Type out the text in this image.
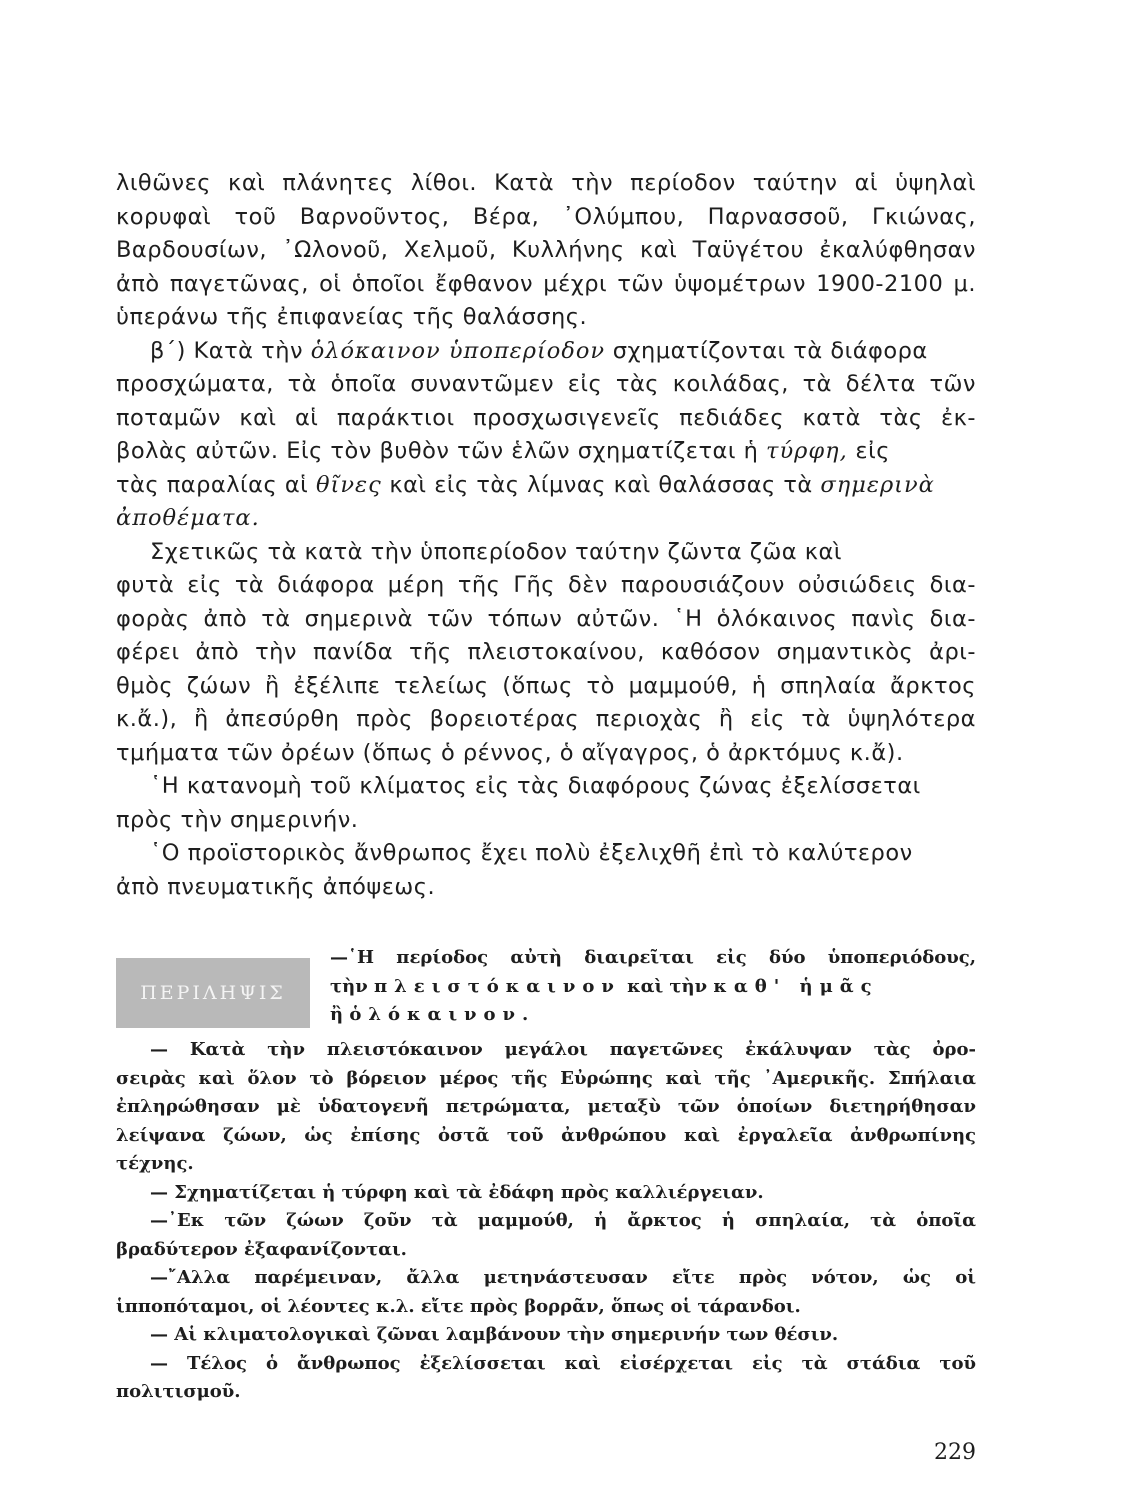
λιθῶνες καὶ πλάνητες λίθοι. Κατὰ τὴν περίοδον ταύτην αἱ ὑψηλαὶ
κορυφαὶ τοῦ Βαρνοῦντος, Βέρα, ᾿Ολύμπου, Παρνασσοῦ, Γκιώνας,
Βαρδουσίων, ᾿Ωλονοῦ, Χελμοῦ, Κυλλήνης καὶ Ταϋγέτου ἐκαλύφθησαν
ἀπὸ παγετῶνας, οἱ ὁποῖοι ἔφθανον μέχρι τῶν ὑψομέτρων 1900-2100 μ.
ὑπεράνω τῆς ἐπιφανείας τῆς θαλάσσης.
β΄) Κατὰ τὴν ὁλόκαινον ὑποπερίοδον σχηματίζονται τὰ διάφορα
προσχώματα, τὰ ὁποῖα συναντῶμεν εἰς τὰς κοιλάδας, τὰ δέλτα τῶν
ποταμῶν καὶ αἱ παράκτιοι προσχωσιγενεῖς πεδιάδες κατὰ τὰς ἐκ-
βολὰς αὐτῶν. Εἰς τὸν βυθὸν τῶν ἑλῶν σχηματίζεται ἡ τύρφη, εἰς
τὰς παραλίας αἱ θῖνες καὶ εἰς τὰς λίμνας καὶ θαλάσσας τὰ σημερινὰ
ἀποθέματα.
Σχετικῶς τὰ κατὰ τὴν ὑποπερίοδον ταύτην ζῶντα ζῶα καὶ
φυτὰ εἰς τὰ διάφορα μέρη τῆς Γῆς δὲν παρουσιάζουν οὐσιώδεις δια-
φορὰς ἀπὸ τὰ σημερινὰ τῶν τόπων αὐτῶν. ῾Η ὁλόκαινος πανὶς δια-
φέρει ἀπὸ τὴν πανίδα τῆς πλειστοκαίνου, καθόσον σημαντικὸς ἀρι-
θμὸς ζώων ἢ ἐξέλιπε τελείως (ὅπως τὸ μαμμούθ, ἡ σπηλαία ἄρκτος
κ.ἄ.), ἢ ἀπεσύρθη πρὸς βορειοτέρας περιοχὰς ἢ εἰς τὰ ὑψηλότερα
τμήματα τῶν ὀρέων (ὅπως ὁ ρέννος, ὁ αἴγαγρος, ὁ ἀρκτόμυς κ.ἄ).
῾Η κατανομὴ τοῦ κλίματος εἰς τὰς διαφόρους ζώνας ἐξελίσσεται
πρὸς τὴν σημερινήν.
῾Ο προϊστορικὸς ἄνθρωπος ἔχει πολὺ ἐξελιχθῆ ἐπὶ τὸ καλύτερον
ἀπὸ πνευματικῆς ἀπόψεως.
ΠΕΡΙΛΗΨΙΣ
—῾Η περίοδος αὐτὴ διαιρεῖται εἰς δύο ὑποπεριόδους,
τὴν πλειστόκαινον καὶ τὴν καθ' ἡμᾶς
ἢ ὁλόκαινον.
— Κατὰ τὴν πλειστόκαινον μεγάλοι παγετῶνες ἐκάλυψαν τὰς ὀρο-
σειρὰς καὶ ὅλον τὸ βόρειον μέρος τῆς Εὐρώπης καὶ τῆς ᾿Αμερικῆς. Σπήλαια
ἐπληρώθησαν μὲ ὑδατογενῆ πετρώματα, μεταξὺ τῶν ὁποίων διετηρήθησαν
λείψανα ζώων, ὡς ἐπίσης ὀστᾶ τοῦ ἀνθρώπου καὶ ἐργαλεῖα ἀνθρωπίνης
τέχνης.
— Σχηματίζεται ἡ τύρφη καὶ τὰ ἐδάφη πρὸς καλλιέργειαν.
—᾿Εκ τῶν ζώων ζοῦν τὰ μαμμούθ, ἡ ἄρκτος ἡ σπηλαία, τὰ ὁποῖα
βραδύτερον ἐξαφανίζονται.
—῎Αλλα παρέμειναν, ἄλλα μετηνάστευσαν εἴτε πρὸς νότον, ὡς οἱ
ἱπποπόταμοι, οἱ λέοντες κ.λ. εἴτε πρὸς βορρᾶν, ὅπως οἱ τάρανδοι.
— Αἱ κλιματολογικαὶ ζῶναι λαμβάνουν τὴν σημερινήν των θέσιν.
— Τέλος ὁ ἄνθρωπος ἐξελίσσεται καὶ εἰσέρχεται εἰς τὰ στάδια τοῦ
πολιτισμοῦ.
229
